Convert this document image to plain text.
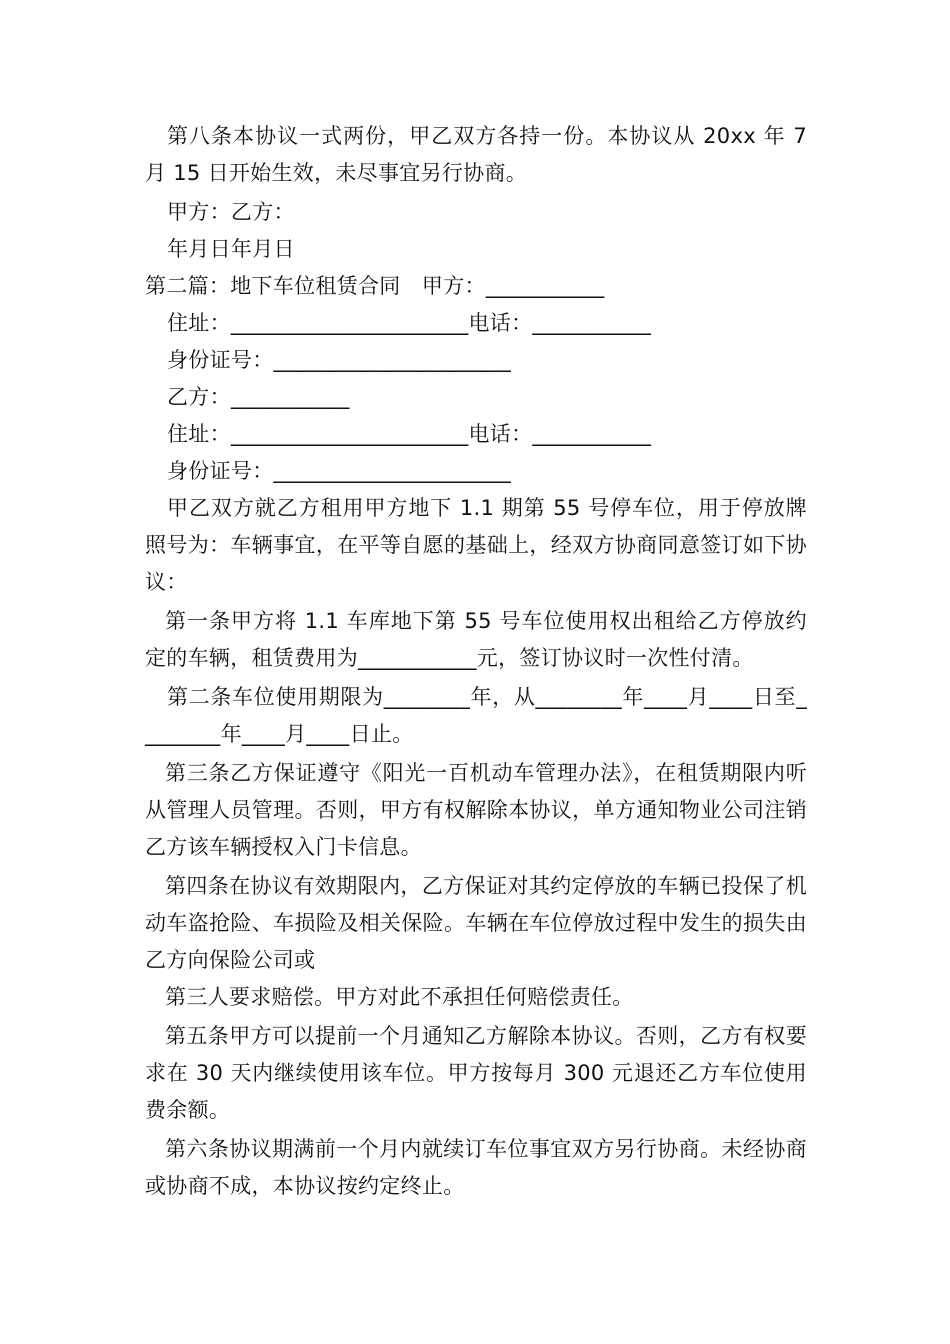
第八条本协议一式两份，甲乙双方各持一份。本协议从 20xx 年 7 月 15 日开始生效，未尽事宜另行协商。

甲方：乙方：

年月日年月日

第二篇：地下车位租赁合同　甲方：___________

住址：______________________电话：___________

身份证号：______________________

乙方：___________

住址：______________________电话：___________

身份证号：______________________

甲乙双方就乙方租用甲方地下 1.1 期第 55 号停车位，用于停放牌照号为：车辆事宜，在平等自愿的基础上，经双方协商同意签订如下协议：

第一条甲方将 1.1 车库地下第 55 号车位使用权出租给乙方停放约定的车辆，租赁费用为___________元，签订协议时一次性付清。

第二条车位使用期限为________年，从________年____月____日至________年____月____日止。

第三条乙方保证遵守《阳光一百机动车管理办法》，在租赁期限内听从管理人员管理。否则，甲方有权解除本协议，单方通知物业公司注销乙方该车辆授权入门卡信息。

第四条在协议有效期限内，乙方保证对其约定停放的车辆已投保了机动车盗抢险、车损险及相关保险。车辆在车位停放过程中发生的损失由乙方向保险公司或

第三人要求赔偿。甲方对此不承担任何赔偿责任。

第五条甲方可以提前一个月通知乙方解除本协议。否则，乙方有权要求在 30 天内继续使用该车位。甲方按每月 300 元退还乙方车位使用费余额。

第六条协议期满前一个月内就续订车位事宜双方另行协商。未经协商或协商不成，本协议按约定终止。
